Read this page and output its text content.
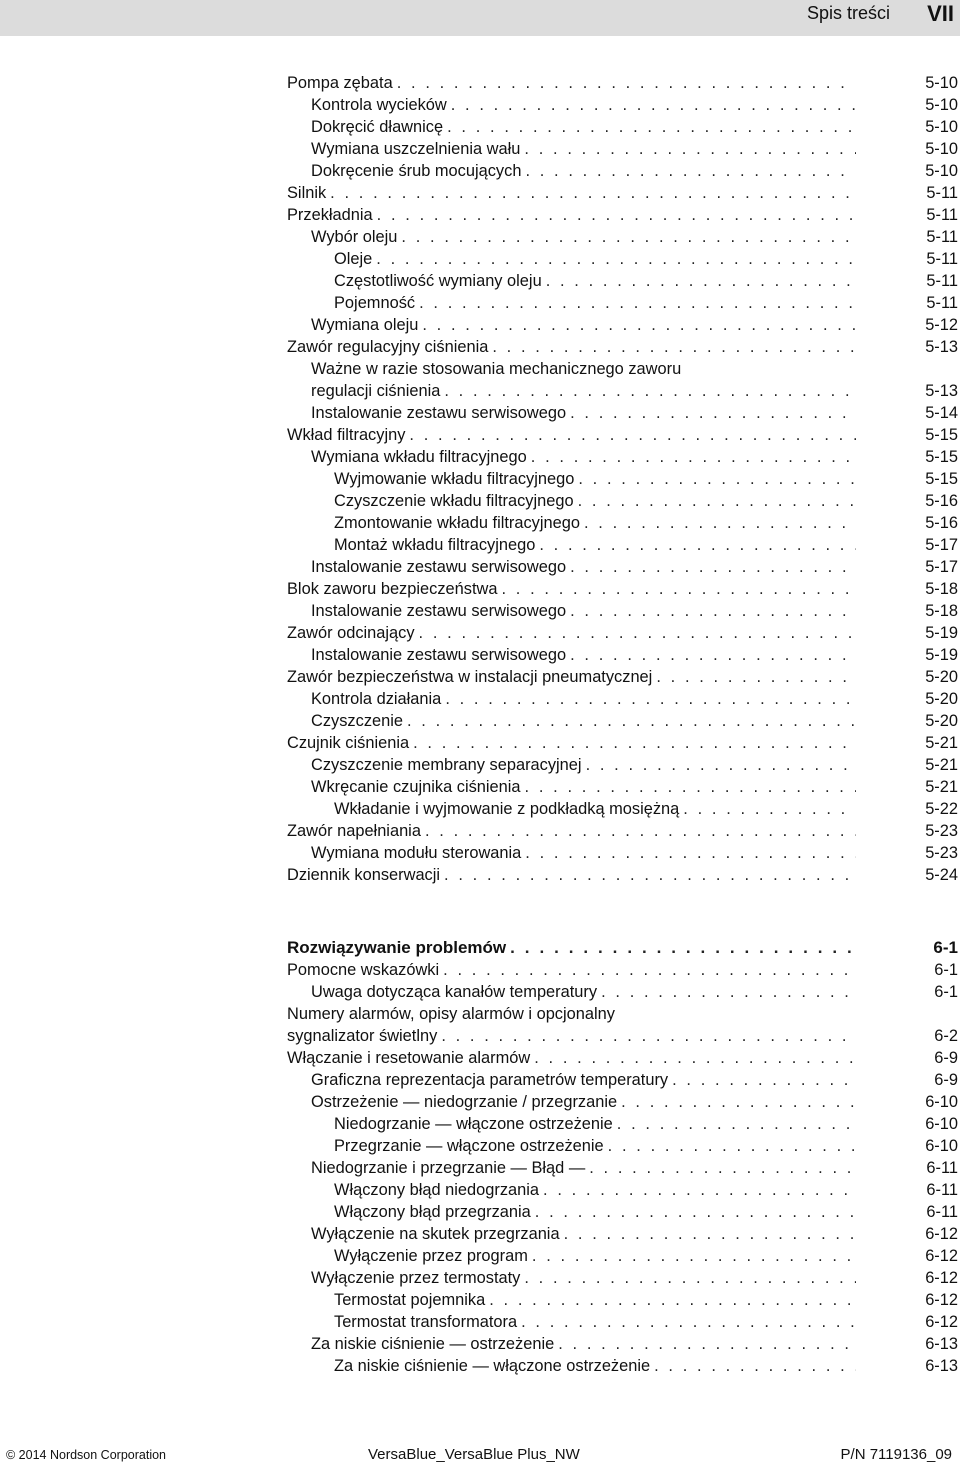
Spis treści VII
Pompa zębata . . .	5-10
Kontrola wycieków . . .	5-10
Dokręcić dławnicę . . .	5-10
Wymiana uszczelnienia wału . . .	5-10
Dokręcenie śrub mocujących . . .	5-10
Silnik . . .	5-11
Przekładnia . . .	5-11
Wybór oleju . . .	5-11
Oleje . . .	5-11
Częstotliwość wymiany oleju . . .	5-11
Pojemność . . .	5-11
Wymiana oleju . . .	5-12
Zawór regulacyjny ciśnienia . . .	5-13
Ważne w razie stosowania mechanicznego zaworu
regulacji ciśnienia . . .	5-13
Instalowanie zestawu serwisowego . . .	5-14
Wkład filtracyjny . . .	5-15
Wymiana wkładu filtracyjnego . . .	5-15
Wyjmowanie wkładu filtracyjnego . . .	5-15
Czyszczenie wkładu filtracyjnego . . .	5-16
Zmontowanie wkładu filtracyjnego . . .	5-16
Montaż wkładu filtracyjnego . . .	5-17
Instalowanie zestawu serwisowego . . .	5-17
Blok zaworu bezpieczeństwa . . .	5-18
Instalowanie zestawu serwisowego . . .	5-18
Zawór odcinający . . .	5-19
Instalowanie zestawu serwisowego . . .	5-19
Zawór bezpieczeństwa w instalacji pneumatycznej . . .	5-20
Kontrola działania . . .	5-20
Czyszczenie . . .	5-20
Czujnik ciśnienia . . .	5-21
Czyszczenie membrany separacyjnej . . .	5-21
Wkręcanie czujnika ciśnienia . . .	5-21
Wkładanie i wyjmowanie z podkładką mosiężną . . .	5-22
Zawór napełniania . . .	5-23
Wymiana modułu sterowania . . .	5-23
Dziennik konserwacji . . .	5-24
Rozwiązywanie problemów . . .	6-1
Pomocne wskazówki . . .	6-1
Uwaga dotycząca kanałów temperatury . . .	6-1
Numery alarmów, opisy alarmów i opcjonalny
sygnalizator świetlny . . .	6-2
Włączanie i resetowanie alarmów . . .	6-9
Graficzna reprezentacja parametrów temperatury . . .	6-9
Ostrzeżenie — niedogrzanie / przegrzanie . . .	6-10
Niedogrzanie — włączone ostrzeżenie . . .	6-10
Przegrzanie — włączone ostrzeżenie . . .	6-10
Niedogrzanie i przegrzanie — Błąd — . . .	6-11
Włączony błąd niedogrzania . . .	6-11
Włączony błąd przegrzania . . .	6-11
Wyłączenie na skutek przegrzania . . .	6-12
Wyłączenie przez program . . .	6-12
Wyłączenie przez termostaty . . .	6-12
Termostat pojemnika . . .	6-12
Termostat transformatora . . .	6-12
Za niskie ciśnienie — ostrzeżenie . . .	6-13
Za niskie ciśnienie — włączone ostrzeżenie . . .	6-13
© 2014 Nordson Corporation	VersaBlue_VersaBlue Plus_NW	P/N 7119136_09
